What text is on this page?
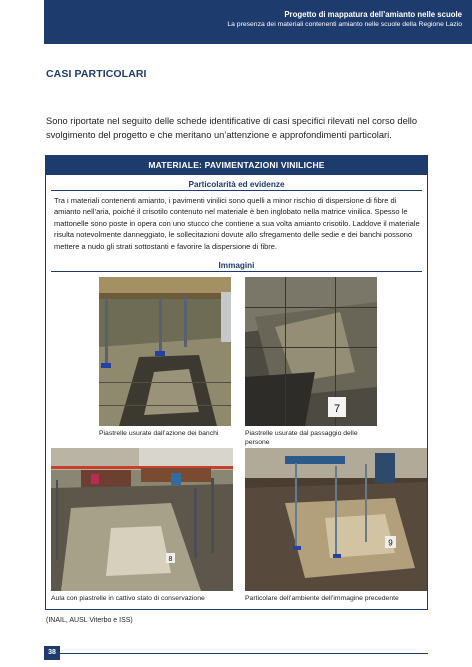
Progetto di mappatura dell’amianto nelle scuole
La presenza dei materiali contenenti amianto nelle scuole della Regione Lazio
CASI PARTICOLARI

Sono riportate nel seguito delle schede identificative di casi specifici rilevati nel corso dello svolgimento del progetto e che meritano un’attenzione e approfondimenti particolari.

MATERIALE: PAVIMENTAZIONI VINILICHE
Particolarità ed evidenze

Tra i materiali contenenti amianto, i pavimenti vinilici sono quelli a minor rischio di dispersione di fibre di amianto nell’aria, poiché il crisotilo contenuto nel materiale è ben inglobato nella matrice vinilica. Spesso le mattonelle sono poste in opera con uno stucco che contiene a sua volta amianto crisotilo. Laddove il materiale risulta notevolmente danneggiato, le sollecitazioni dovute allo sfregamento delle sedie e dei banchi possono mettere a nudo gli strati sottostanti e favorire la dispersione di fibre.

Immagini
Piastrelle usurate dall’azione dei banchi
7
Piastrelle usurate dal passaggio delle persone
8
Aula con piastrelle in cattivo stato di conservazione
9
Particolare dell’ambiente dell’immagine precedente
(INAIL, AUSL Viterbo e ISS)
38
